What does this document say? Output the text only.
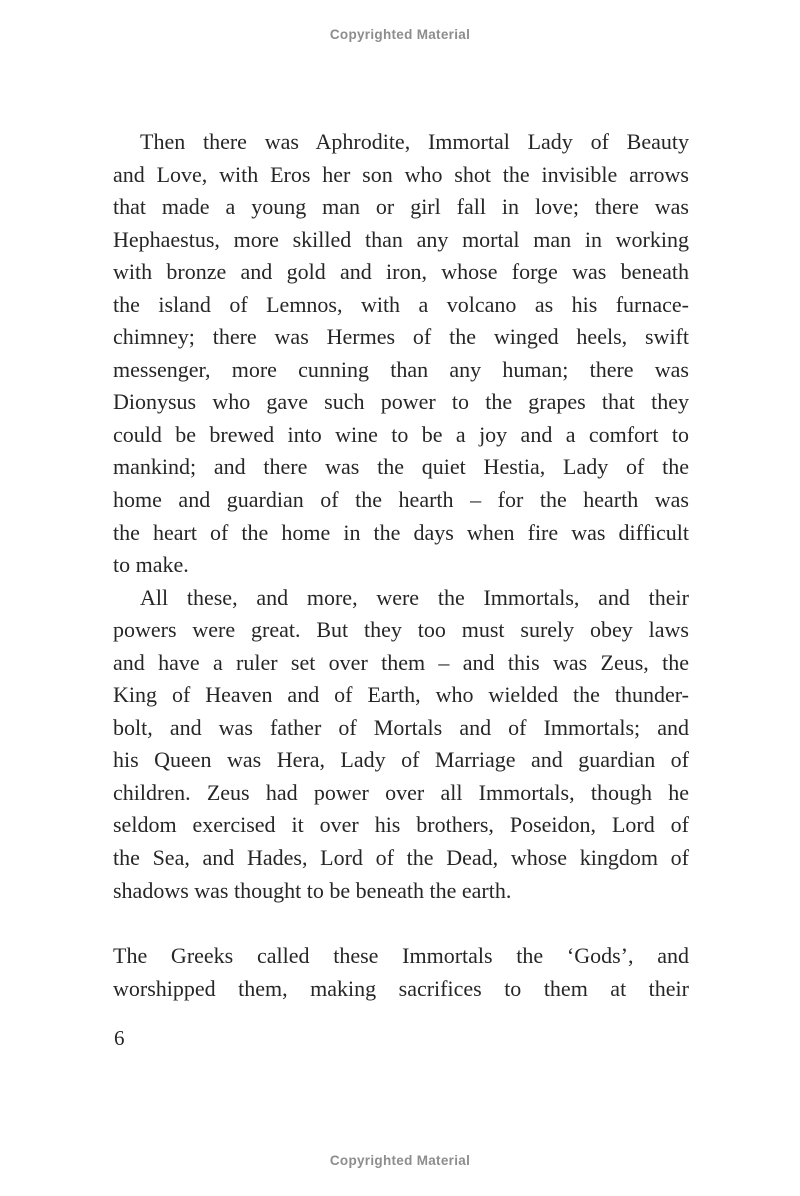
Copyrighted Material
Then there was Aphrodite, Immortal Lady of Beauty
and Love, with Eros her son who shot the invisible arrows
that made a young man or girl fall in love; there was
Hephaestus, more skilled than any mortal man in working
with bronze and gold and iron, whose forge was beneath
the island of Lemnos, with a volcano as his furnace-
chimney; there was Hermes of the winged heels, swift
messenger, more cunning than any human; there was
Dionysus who gave such power to the grapes that they
could be brewed into wine to be a joy and a comfort to
mankind; and there was the quiet Hestia, Lady of the
home and guardian of the hearth – for the hearth was
the heart of the home in the days when fire was difficult
to make.
All these, and more, were the Immortals, and their
powers were great. But they too must surely obey laws
and have a ruler set over them – and this was Zeus, the
King of Heaven and of Earth, who wielded the thunder-
bolt, and was father of Mortals and of Immortals; and
his Queen was Hera, Lady of Marriage and guardian of
children. Zeus had power over all Immortals, though he
seldom exercised it over his brothers, Poseidon, Lord of
the Sea, and Hades, Lord of the Dead, whose kingdom of
shadows was thought to be beneath the earth.
The Greeks called these Immortals the ‘Gods’, and
worshipped them, making sacrifices to them at their
6
Copyrighted Material
